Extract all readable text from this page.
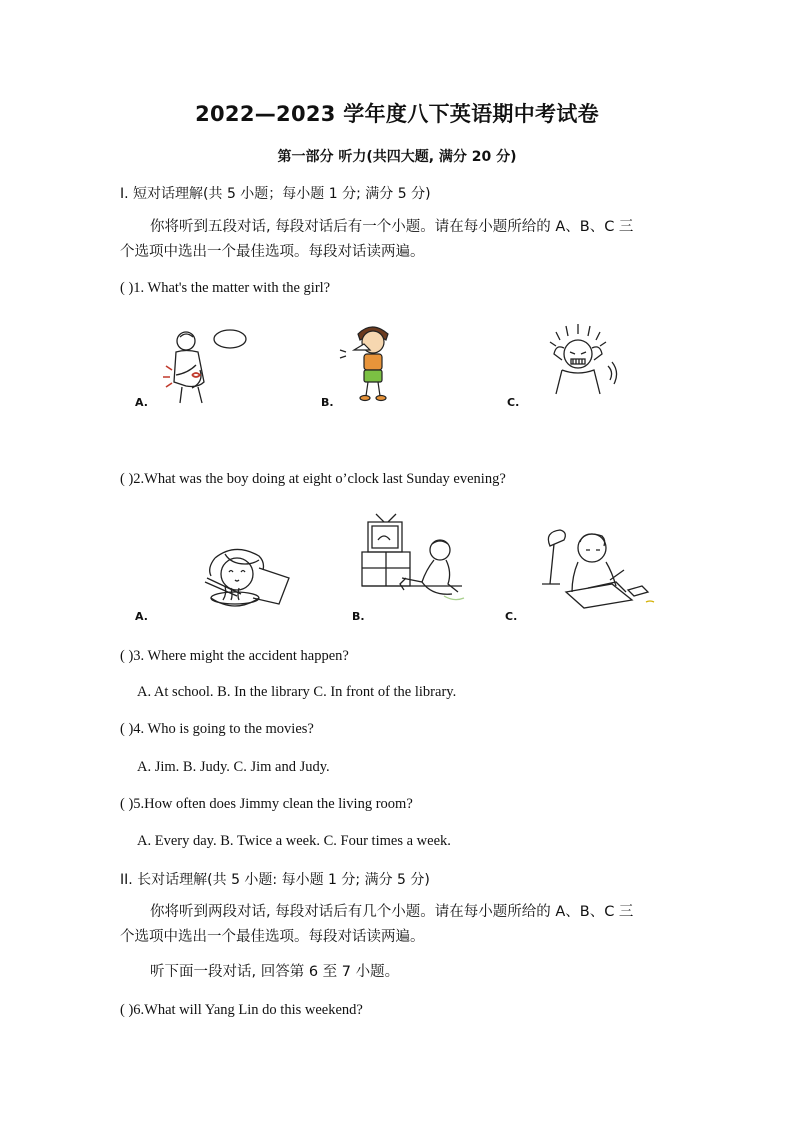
2022—2023 学年度八下英语期中考试卷
第一部分 听力(共四大题, 满分 20 分)
I. 短对话理解(共 5 小题；每小题 1 分; 满分 5 分)
你将听到五段对话, 每段对话后有一个小题。请在每小题所给的 A、B、C 三
个选项中选出一个最佳选项。每段对话读两遍。
( )1. What's the matter with the girl?
A.	B.	C.
( )2.What was the boy doing at eight o’clock last Sunday evening?
A.	B.	C.
( )3. Where might the accident happen?
A. At school. B. In the library C. In front of the library.
( )4. Who is going to the movies?
A. Jim. B. Judy. C. Jim and Judy.
( )5.How often does Jimmy clean the living room?
A. Every day. B. Twice a week. C. Four times a week.
II. 长对话理解(共 5 小题: 每小题 1 分; 满分 5 分)
你将听到两段对话, 每段对话后有几个小题。请在每小题所给的 A、B、C 三
个选项中选出一个最佳选项。每段对话读两遍。
听下面一段对话, 回答第 6 至 7 小题。
( )6.What will Yang Lin do this weekend?
